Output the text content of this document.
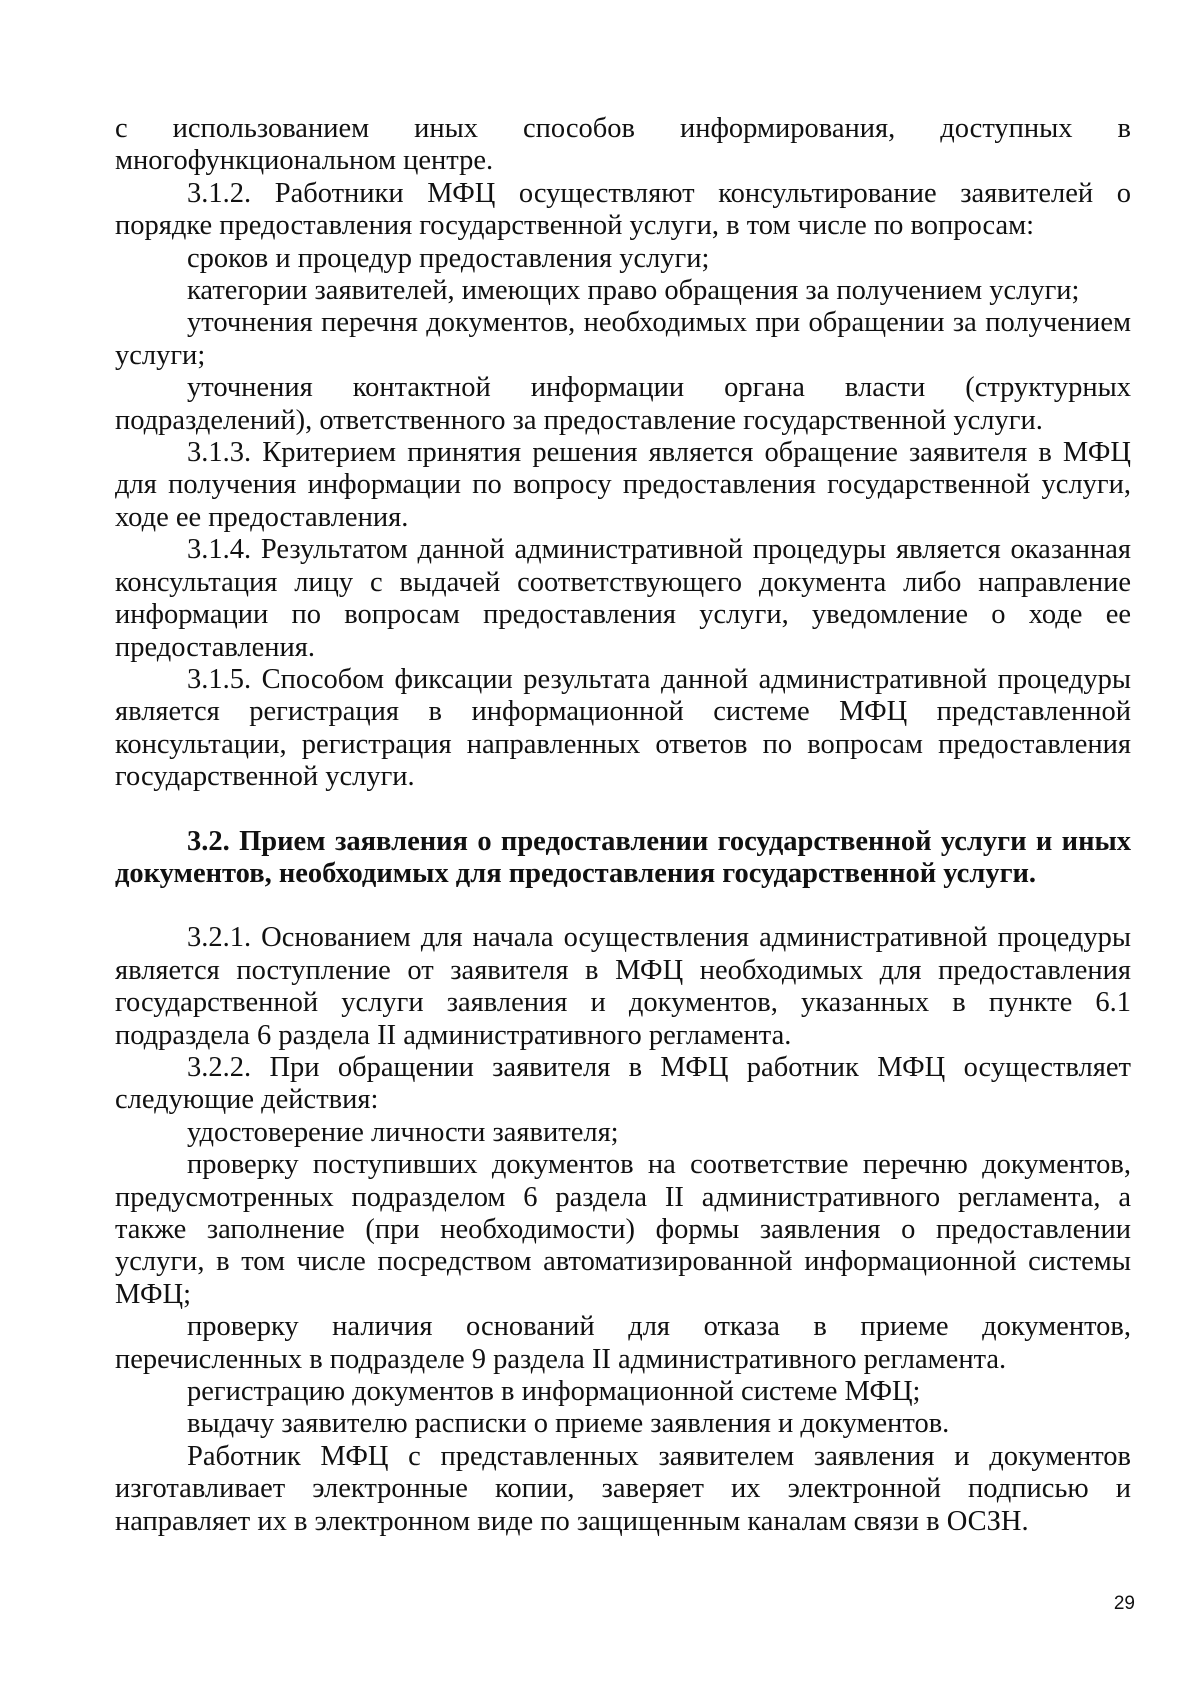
с использованием иных способов информирования, доступных в многофункциональном центре.

3.1.2. Работники МФЦ осуществляют консультирование заявителей о порядке предоставления государственной услуги, в том числе по вопросам:

сроков и процедур предоставления услуги;

категории заявителей, имеющих право обращения за получением услуги;

уточнения перечня документов, необходимых при обращении за получением услуги;

уточнения контактной информации органа власти (структурных подразделений), ответственного за предоставление государственной услуги.

3.1.3. Критерием принятия решения является обращение заявителя в МФЦ для получения информации по вопросу предоставления государственной услуги, ходе ее предоставления.

3.1.4. Результатом данной административной процедуры является оказанная консультация лицу с выдачей соответствующего документа либо направление информации по вопросам предоставления услуги, уведомление о ходе ее предоставления.

3.1.5. Способом фиксации результата данной административной процедуры является регистрация в информационной системе МФЦ представленной консультации, регистрация направленных ответов по вопросам предоставления государственной услуги.

3.2. Прием заявления о предоставлении государственной услуги и иных документов, необходимых для предоставления государственной услуги.

3.2.1. Основанием для начала осуществления административной процедуры является поступление от заявителя в МФЦ необходимых для предоставления государственной услуги заявления и документов, указанных в пункте 6.1 подраздела 6 раздела II административного регламента.

3.2.2. При обращении заявителя в МФЦ работник МФЦ осуществляет следующие действия:

удостоверение личности заявителя;

проверку поступивших документов на соответствие перечню документов, предусмотренных подразделом 6 раздела II административного регламента, а также заполнение (при необходимости) формы заявления о предоставлении услуги, в том числе посредством автоматизированной информационной системы МФЦ;

проверку наличия оснований для отказа в приеме документов, перечисленных в подразделе 9 раздела II административного регламента.

регистрацию документов в информационной системе МФЦ;

выдачу заявителю расписки о приеме заявления и документов.

Работник МФЦ с представленных заявителем заявления и документов изготавливает электронные копии, заверяет их электронной подписью и направляет их в электронном виде по защищенным каналам связи в ОСЗН.

29
